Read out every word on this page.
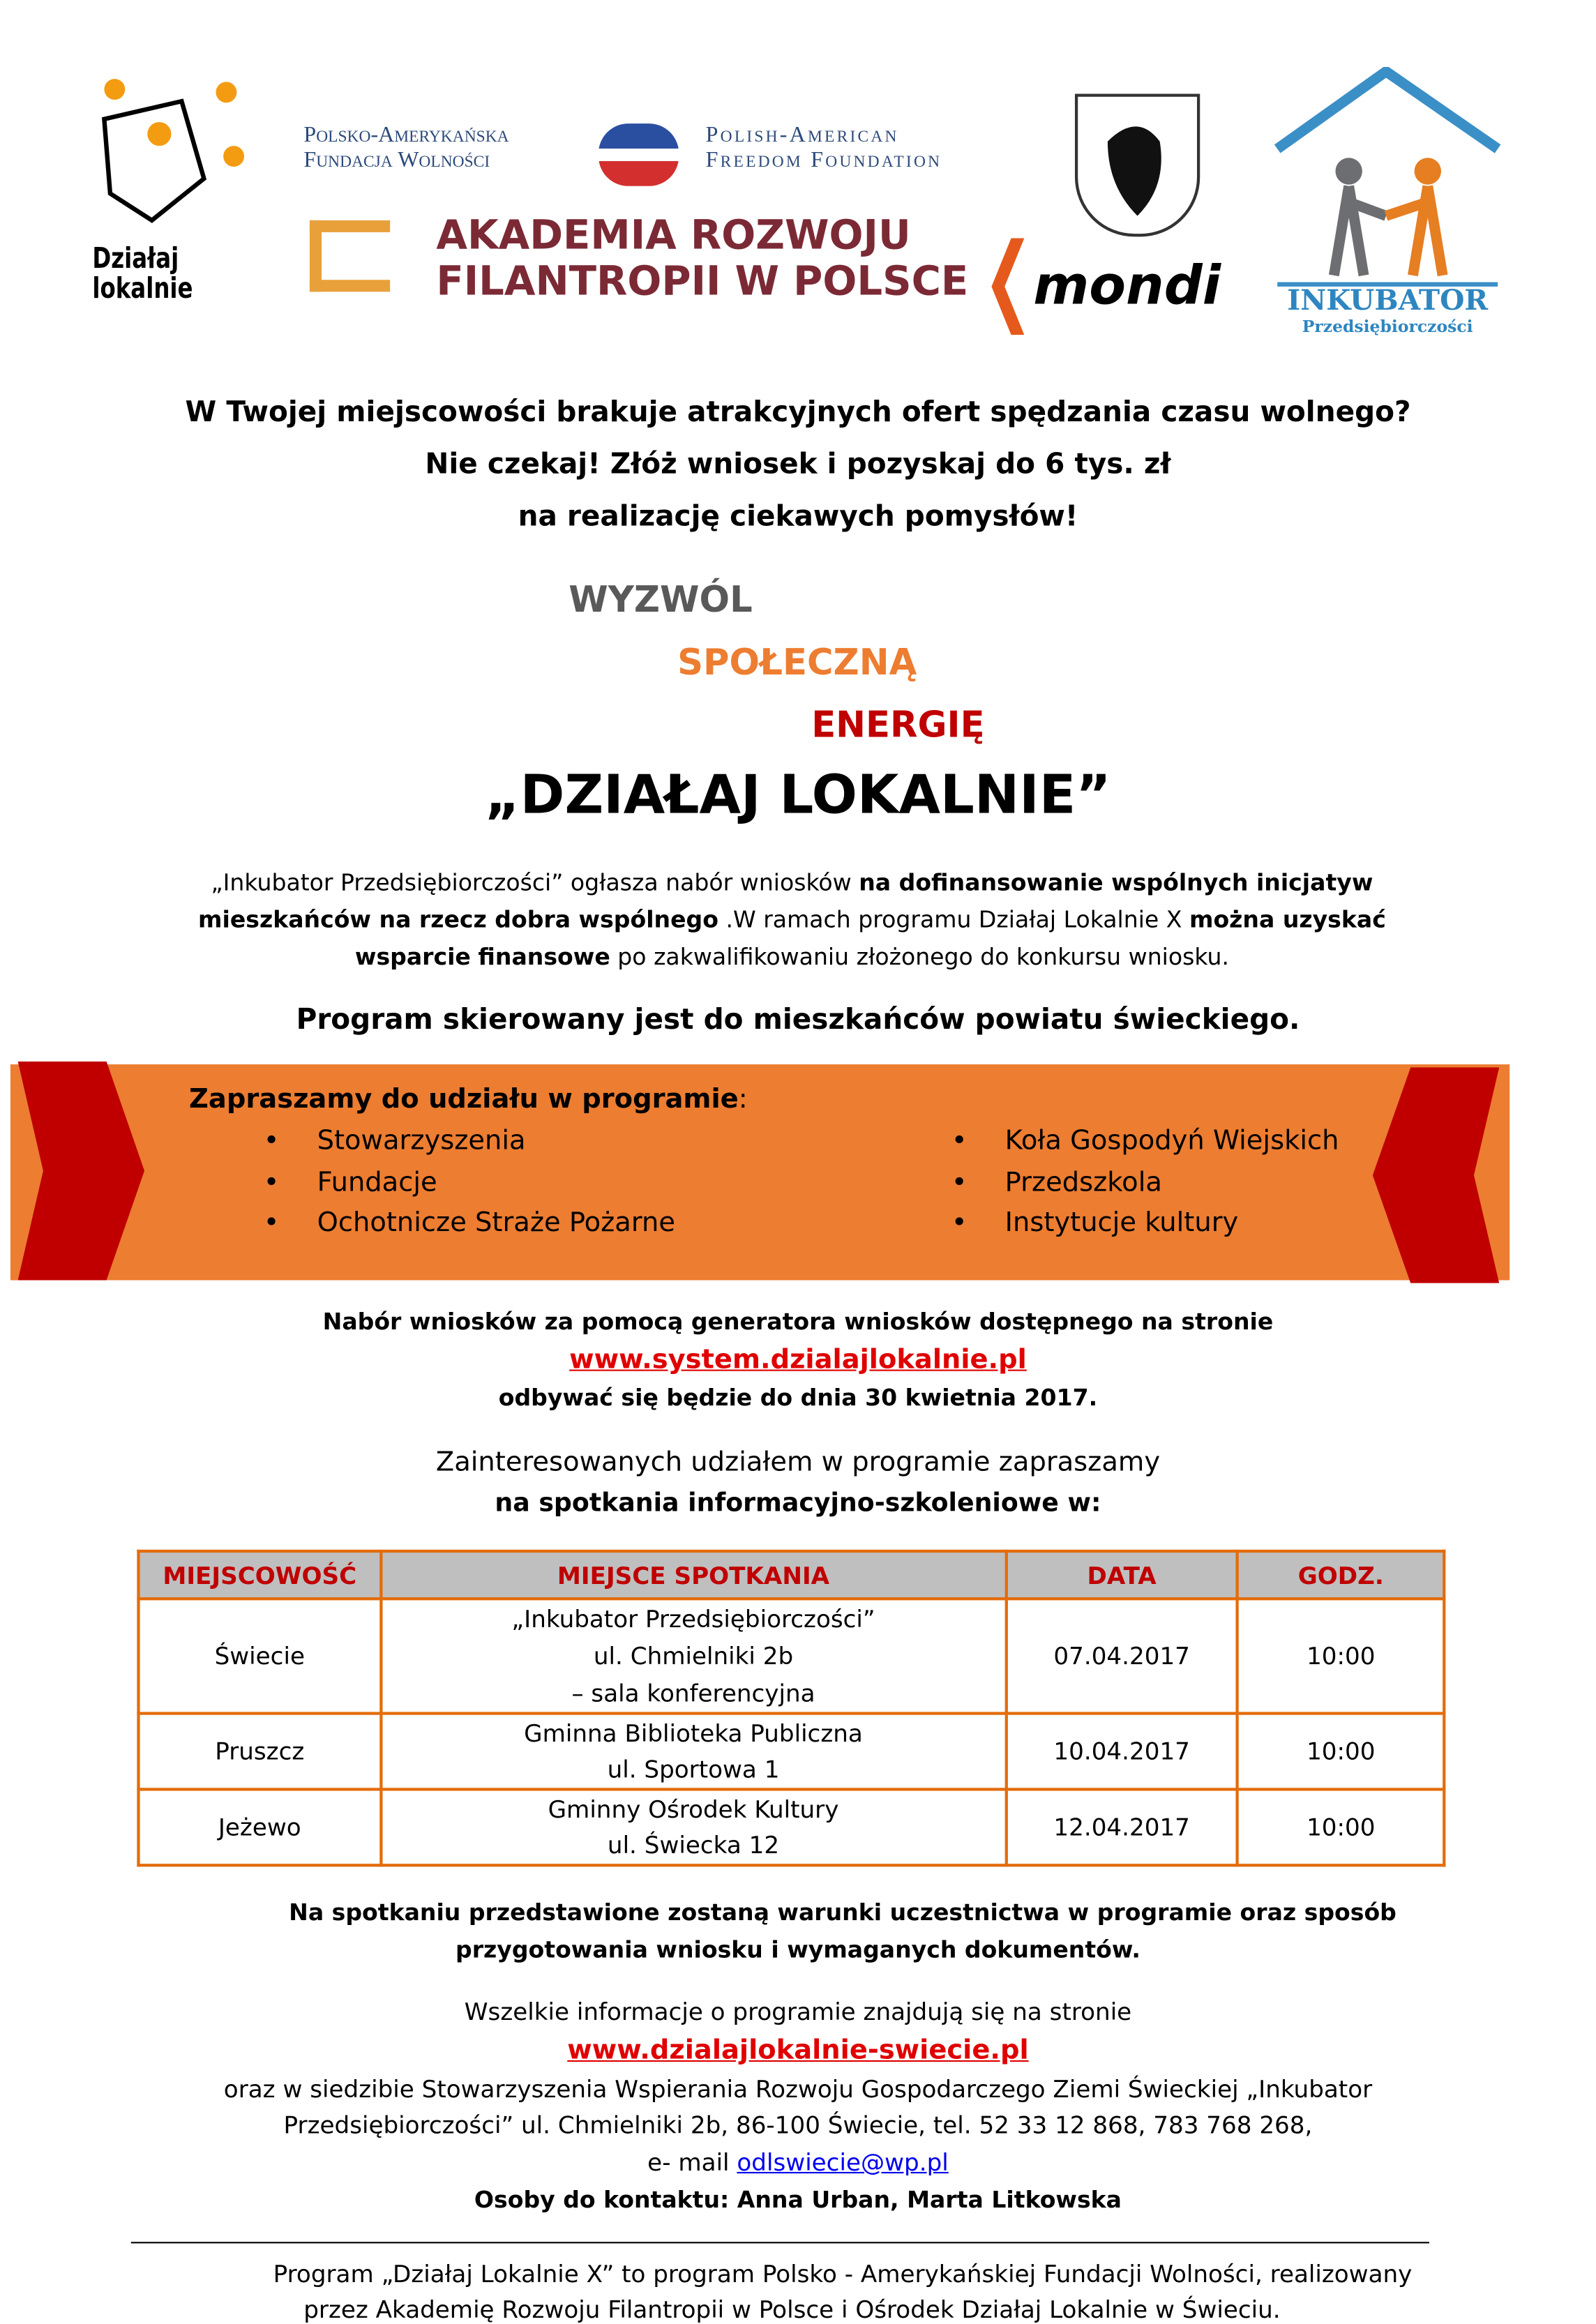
Działaj lokalnie
Polsko-Amerykańska
Fundacja Wolności
Polish-American
Freedom Foundation
AKADEMIA ROZWOJU
FILANTROPII W POLSCE	mondi	INKUBATOR
Przedsiębiorczości
W Twojej miejscowości brakuje atrakcyjnych ofert spędzania czasu wolnego?
Nie czekaj! Złóż wniosek i pozyskaj do 6 tys. zł
na realizację ciekawych pomysłów!
WYZWÓL
SPOŁECZNĄ
ENERGIĘ
„DZIAŁAJ LOKALNIE”
„Inkubator Przedsiębiorczości” ogłasza nabór wniosków na dofinansowanie wspólnych inicjatyw mieszkańców na rzecz dobra wspólnego .W ramach programu Działaj Lokalnie X można uzyskać wsparcie finansowe po zakwalifikowaniu złożonego do konkursu wniosku.
Program skierowany jest do mieszkańców powiatu świeckiego.
Zapraszamy do udziału w programie:
• Stowarzyszenia
• Fundacje
• Ochotnicze Straże Pożarne
• Koła Gospodyń Wiejskich
• Przedszkola
• Instytucje kultury
Nabór wniosków za pomocą generatora wniosków dostępnego na stronie
www.system.dzialajlokalnie.pl
odbywać się będzie do dnia 30 kwietnia 2017.
Zainteresowanych udziałem w programie zapraszamy
na spotkania informacyjno-szkoleniowe w:
MIEJSCOWOŚĆ	MIEJSCE SPOTKANIA	DATA	GODZ.
Świecie	„Inkubator Przedsiębiorczości”
ul. Chmielniki 2b
– sala konferencyjna	07.04.2017	10:00
Pruszcz	Gminna Biblioteka Publiczna
ul. Sportowa 1	10.04.2017	10:00
Jeżewo	Gminny Ośrodek Kultury
ul. Świecka 12	12.04.2017	10:00
Na spotkaniu przedstawione zostaną warunki uczestnictwa w programie oraz sposób
przygotowania wniosku i wymaganych dokumentów.
Wszelkie informacje o programie znajdują się na stronie
www.dzialajlokalnie-swiecie.pl
oraz w siedzibie Stowarzyszenia Wspierania Rozwoju Gospodarczego Ziemi Świeckiej „Inkubator
Przedsiębiorczości” ul. Chmielniki 2b, 86-100 Świecie, tel. 52 33 12 868, 783 768 268,
e- mail odlswiecie@wp.pl
Osoby do kontaktu: Anna Urban, Marta Litkowska
Program „Działaj Lokalnie X” to program Polsko - Amerykańskiej Fundacji Wolności, realizowany
przez Akademię Rozwoju Filantropii w Polsce i Ośrodek Działaj Lokalnie w Świeciu.
